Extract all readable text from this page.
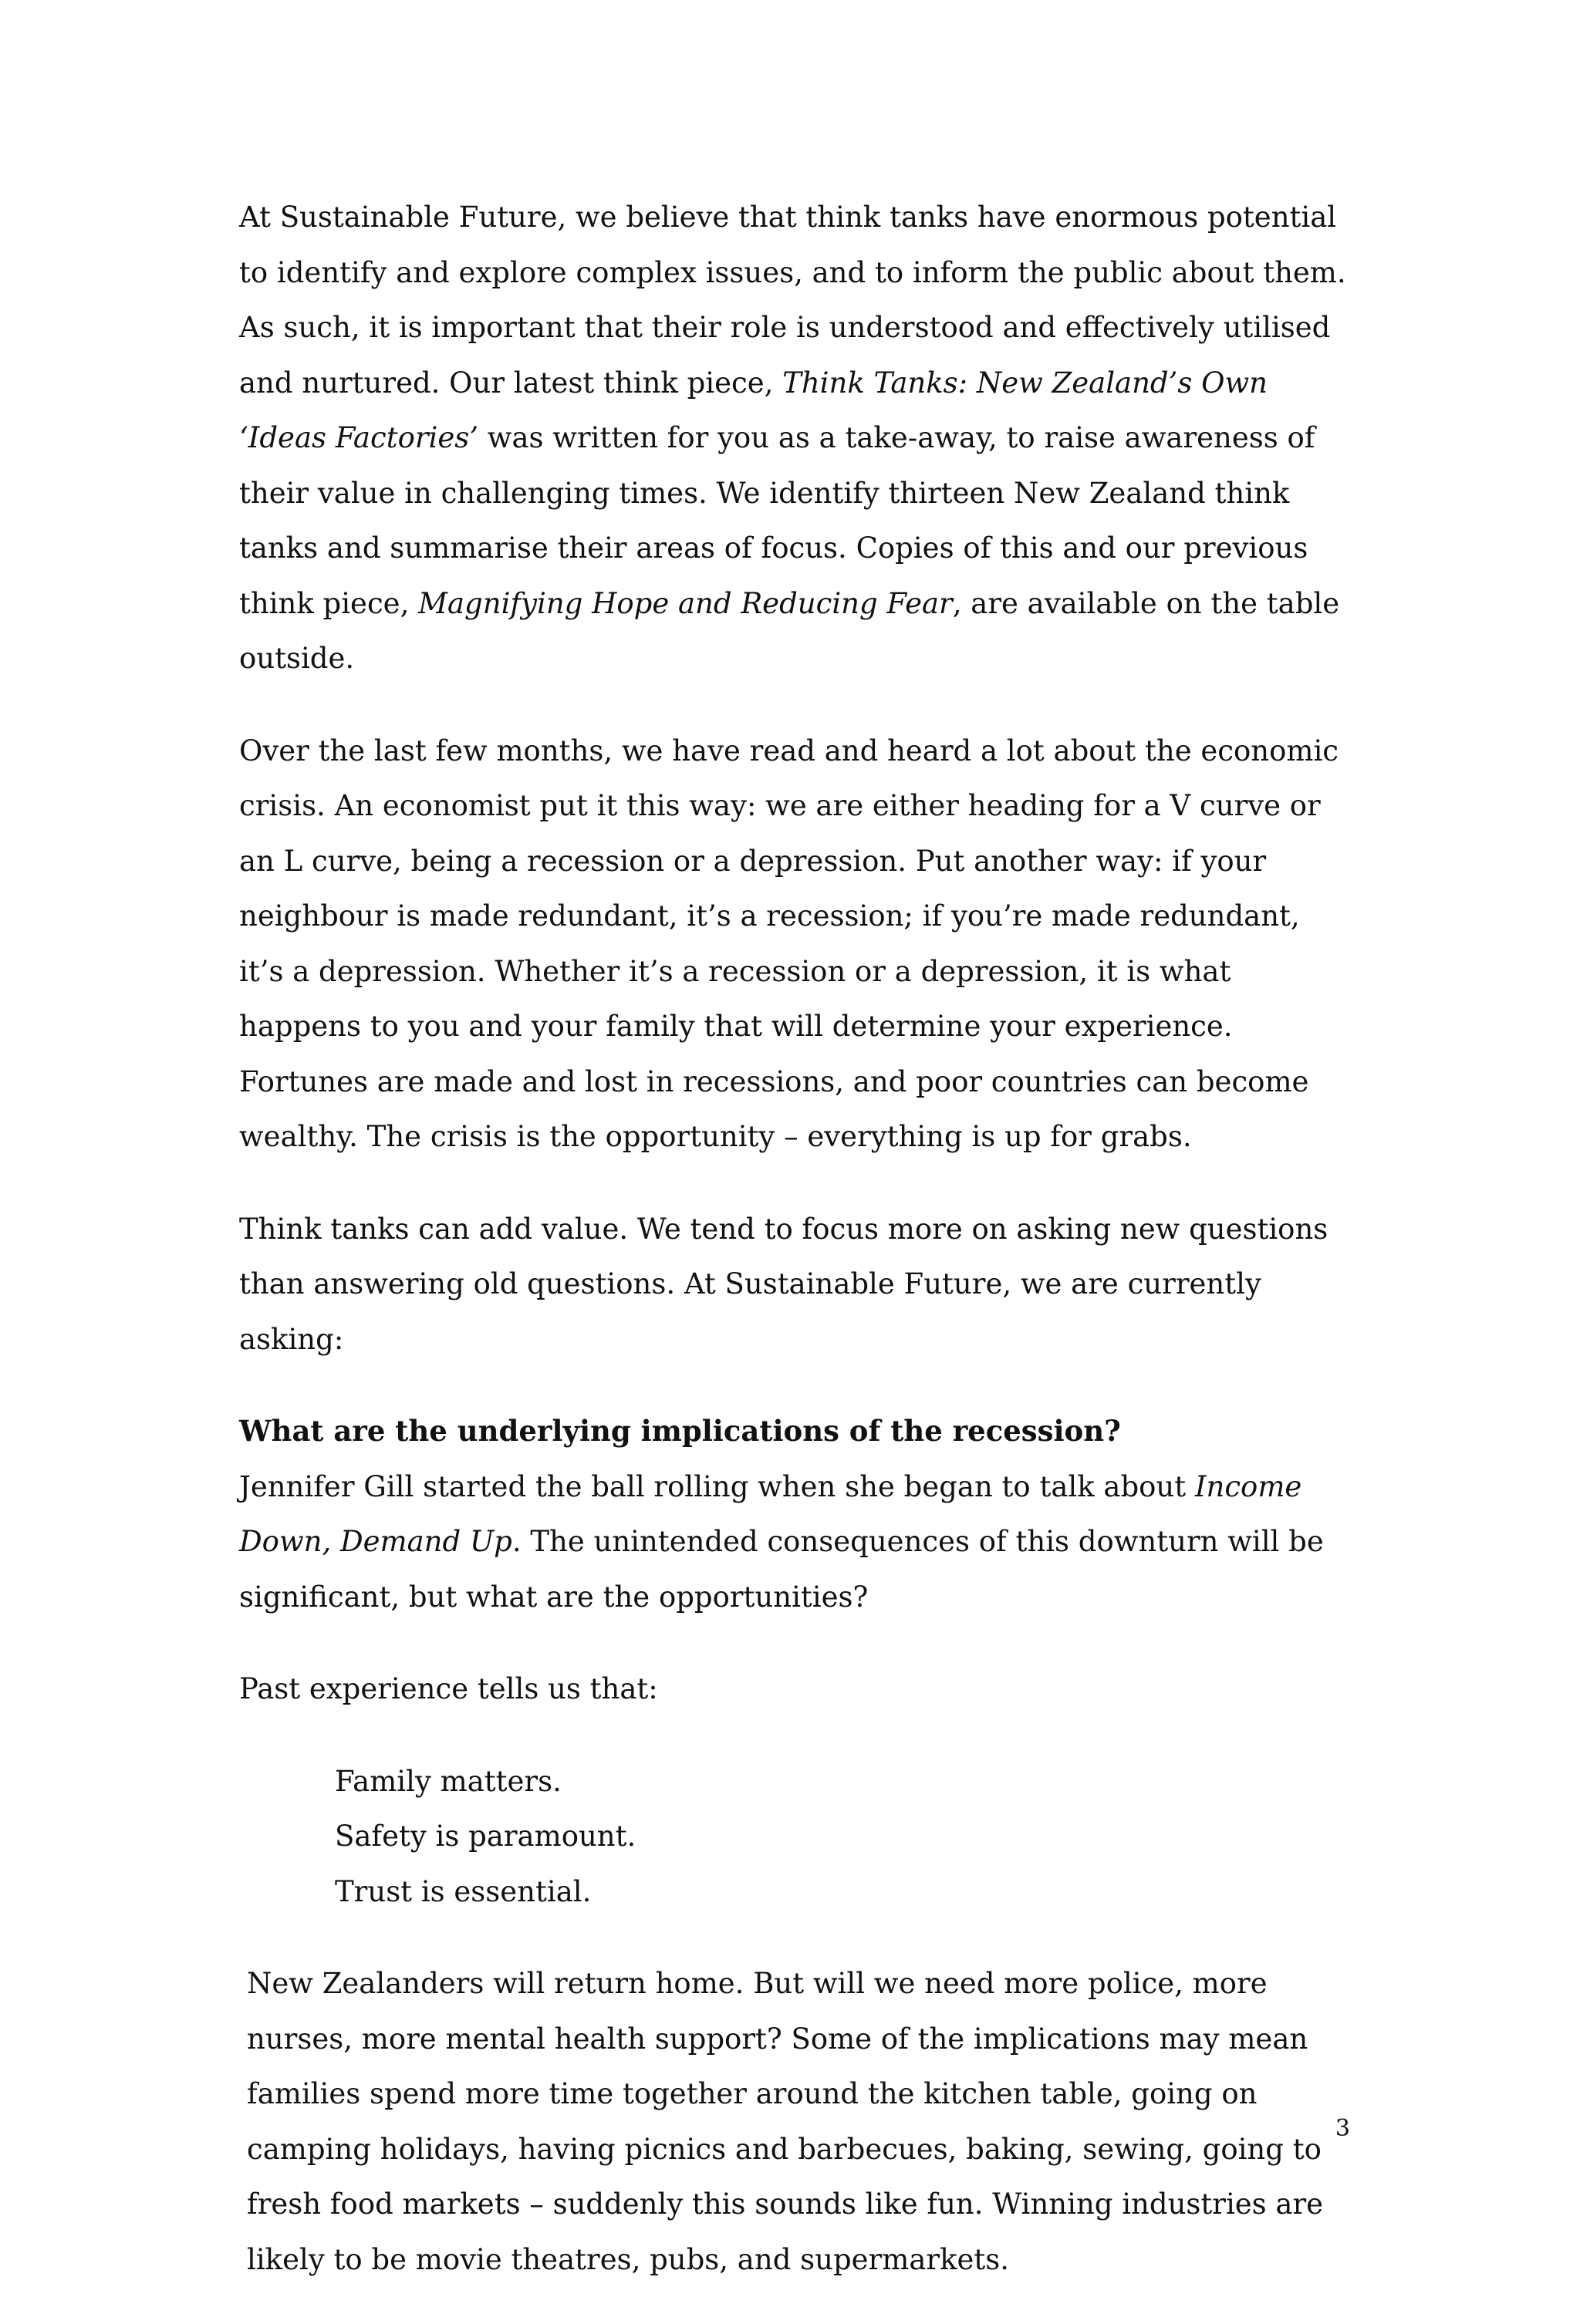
At Sustainable Future, we believe that think tanks have enormous potential to identify and explore complex issues, and to inform the public about them. As such, it is important that their role is understood and effectively utilised and nurtured. Our latest think piece, Think Tanks: New Zealand’s Own ‘Ideas Factories’ was written for you as a take-away, to raise awareness of their value in challenging times. We identify thirteen New Zealand think tanks and summarise their areas of focus. Copies of this and our previous think piece, Magnifying Hope and Reducing Fear, are available on the table outside.

Over the last few months, we have read and heard a lot about the economic crisis. An economist put it this way: we are either heading for a V curve or an L curve, being a recession or a depression. Put another way: if your neighbour is made redundant, it’s a recession; if you’re made redundant, it’s a depression. Whether it’s a recession or a depression, it is what happens to you and your family that will determine your experience. Fortunes are made and lost in recessions, and poor countries can become wealthy. The crisis is the opportunity – everything is up for grabs.

Think tanks can add value. We tend to focus more on asking new questions than answering old questions. At Sustainable Future, we are currently asking:

What are the underlying implications of the recession?

Jennifer Gill started the ball rolling when she began to talk about Income Down, Demand Up. The unintended consequences of this downturn will be significant, but what are the opportunities?

Past experience tells us that:

Family matters.
Safety is paramount.
Trust is essential.

New Zealanders will return home. But will we need more police, more nurses, more mental health support? Some of the implications may mean families spend more time together around the kitchen table, going on camping holidays, having picnics and barbecues, baking, sewing, going to fresh food markets – suddenly this sounds like fun. Winning industries are likely to be movie theatres, pubs, and supermarkets.

3
